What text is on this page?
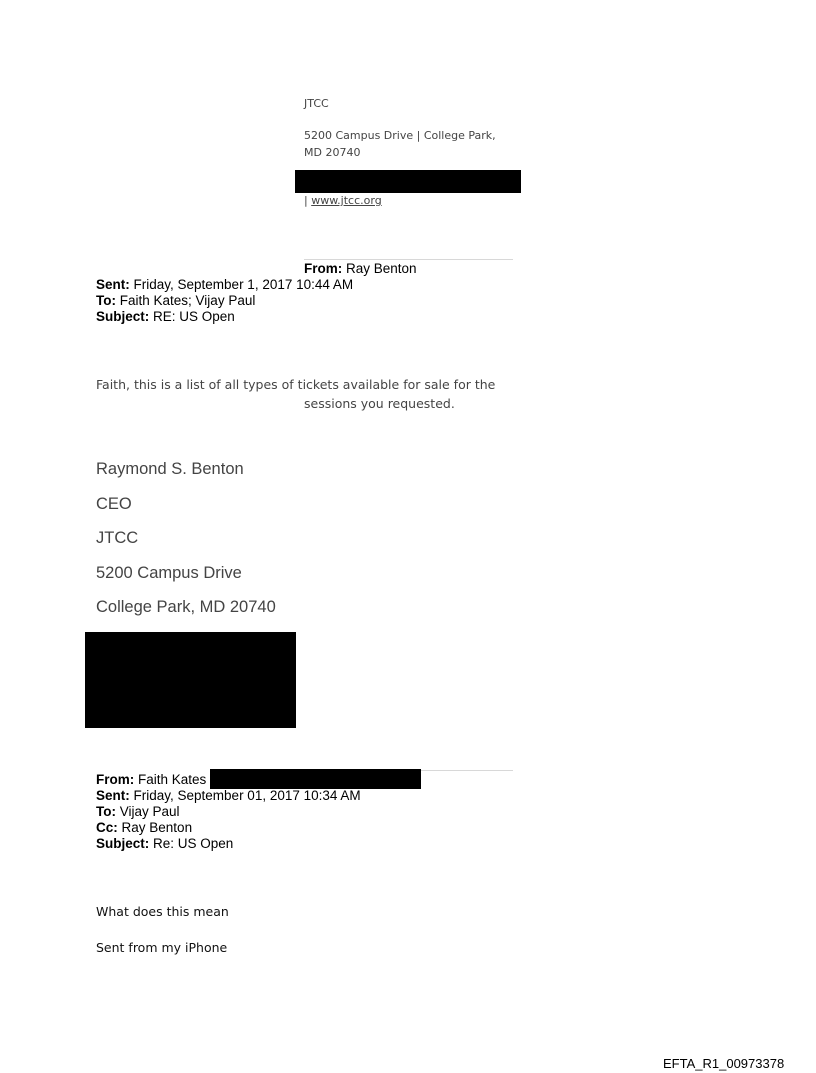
JTCC
5200 Campus Drive | College Park,
MD 20740
| www.jtcc.org
From: Ray Benton
Sent: Friday, September 1, 2017 10:44 AM
To: Faith Kates; Vijay Paul
Subject: RE: US Open
Faith, this is a list of all types of tickets available for sale for the
sessions you requested.
Raymond S. Benton
CEO
JTCC
5200 Campus Drive
College Park, MD 20740
From: Faith Kates
Sent: Friday, September 01, 2017 10:34 AM
To: Vijay Paul
Cc: Ray Benton
Subject: Re: US Open
What does this mean
Sent from my iPhone
EFTA_R1_00973378
